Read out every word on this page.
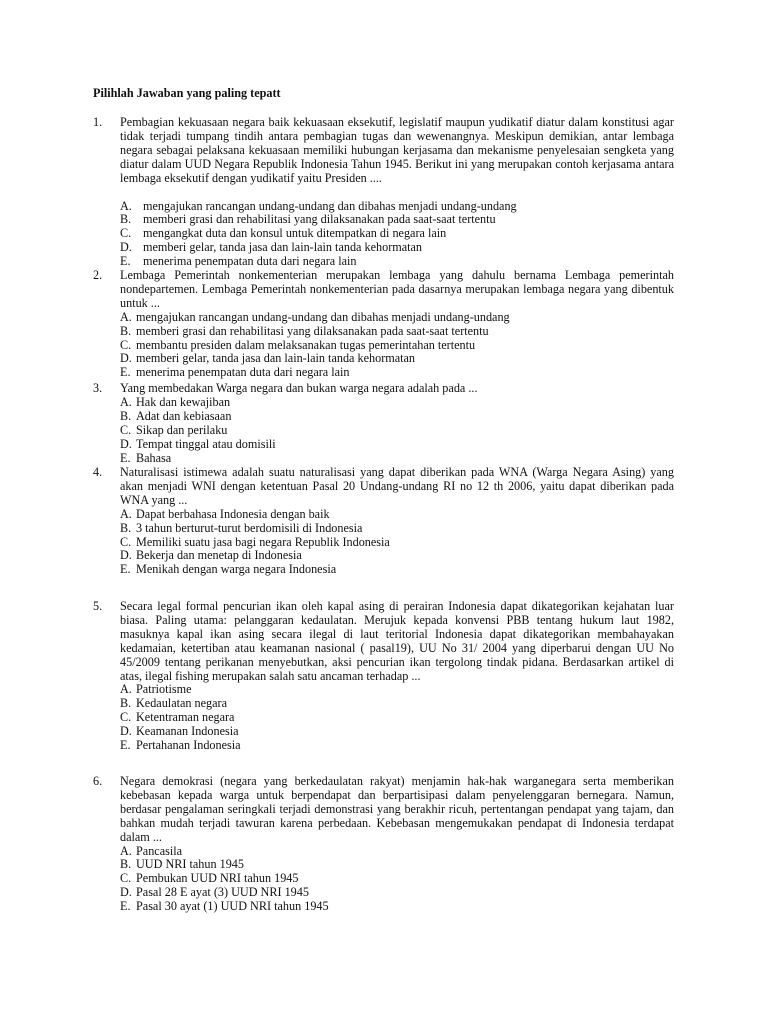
Pilihlah Jawaban yang paling tepatt
1.	Pembagian kekuasaan negara baik kekuasaan eksekutif, legislatif maupun yudikatif diatur dalam konstitusi agar tidak terjadi tumpang tindih antara pembagian tugas dan wewenangnya. Meskipun demikian, antar lembaga negara sebagai pelaksana kekuasaan memiliki hubungan kerjasama dan mekanisme penyelesaian sengketa yang diatur dalam UUD Negara Republik Indonesia Tahun 1945. Berikut ini yang merupakan contoh kerjasama antara lembaga eksekutif dengan yudikatif yaitu Presiden ....
A. mengajukan rancangan undang-undang dan dibahas menjadi undang-undang
B. memberi grasi dan rehabilitasi yang dilaksanakan pada saat-saat tertentu
C. mengangkat duta dan konsul untuk ditempatkan di negara lain
D. memberi gelar, tanda jasa dan lain-lain tanda kehormatan
E.	menerima penempatan duta dari negara lain
2.	Lembaga Pemerintah nonkementerian merupakan lembaga yang dahulu bernama Lembaga pemerintah nondepartemen. Lembaga Pemerintah nonkementerian pada dasarnya merupakan lembaga negara yang dibentuk untuk ...
A. mengajukan rancangan undang-undang dan dibahas menjadi undang-undang
B. memberi grasi dan rehabilitasi yang dilaksanakan pada saat-saat tertentu
C. membantu presiden dalam melaksanakan tugas pemerintahan tertentu
D. memberi gelar, tanda jasa dan lain-lain tanda kehormatan
E. menerima penempatan duta dari negara lain
3.	Yang membedakan Warga negara dan bukan warga negara adalah pada ...
A. Hak dan kewajiban
B. Adat dan kebiasaan
C. Sikap dan perilaku
D. Tempat tinggal atau domisili
E. Bahasa
4.	Naturalisasi istimewa adalah suatu naturalisasi yang dapat diberikan pada WNA (Warga Negara Asing) yang akan menjadi WNI dengan ketentuan Pasal 20 Undang-undang RI no 12 th 2006, yaitu dapat diberikan pada WNA yang ...
A. Dapat berbahasa Indonesia dengan baik
B. 3 tahun berturut-turut berdomisili di Indonesia
C. Memiliki suatu jasa bagi negara Republik Indonesia
D. Bekerja dan menetap di Indonesia
E. Menikah dengan warga negara Indonesia
5.	Secara legal formal pencurian ikan oleh kapal asing di perairan Indonesia dapat dikategorikan kejahatan luar biasa. Paling utama: pelanggaran kedaulatan. Merujuk kepada konvensi PBB tentang hukum laut 1982, masuknya kapal ikan asing secara ilegal di laut teritorial Indonesia dapat dikategorikan membahayakan kedamaian, ketertiban atau keamanan nasional ( pasal19), UU No 31/ 2004 yang diperbarui dengan UU No 45/2009 tentang perikanan menyebutkan, aksi pencurian ikan tergolong tindak pidana. Berdasarkan artikel di atas, ilegal fishing merupakan salah satu ancaman terhadap ...
A. Patriotisme
B. Kedaulatan negara
C. Ketentraman negara
D. Keamanan Indonesia
E. Pertahanan Indonesia
6.	Negara demokrasi (negara yang berkedaulatan rakyat) menjamin hak-hak warganegara serta memberikan kebebasan kepada warga untuk berpendapat dan berpartisipasi dalam penyelenggaran bernegara. Namun, berdasar pengalaman seringkali terjadi demonstrasi yang berakhir ricuh, pertentangan pendapat yang tajam, dan bahkan mudah terjadi tawuran karena perbedaan. Kebebasan mengemukakan pendapat di Indonesia terdapat dalam ...
A. Pancasila
B. UUD NRI tahun 1945
C. Pembukan UUD NRI tahun 1945
D. Pasal 28 E ayat (3) UUD NRI 1945
E. Pasal 30 ayat (1) UUD NRI tahun 1945
